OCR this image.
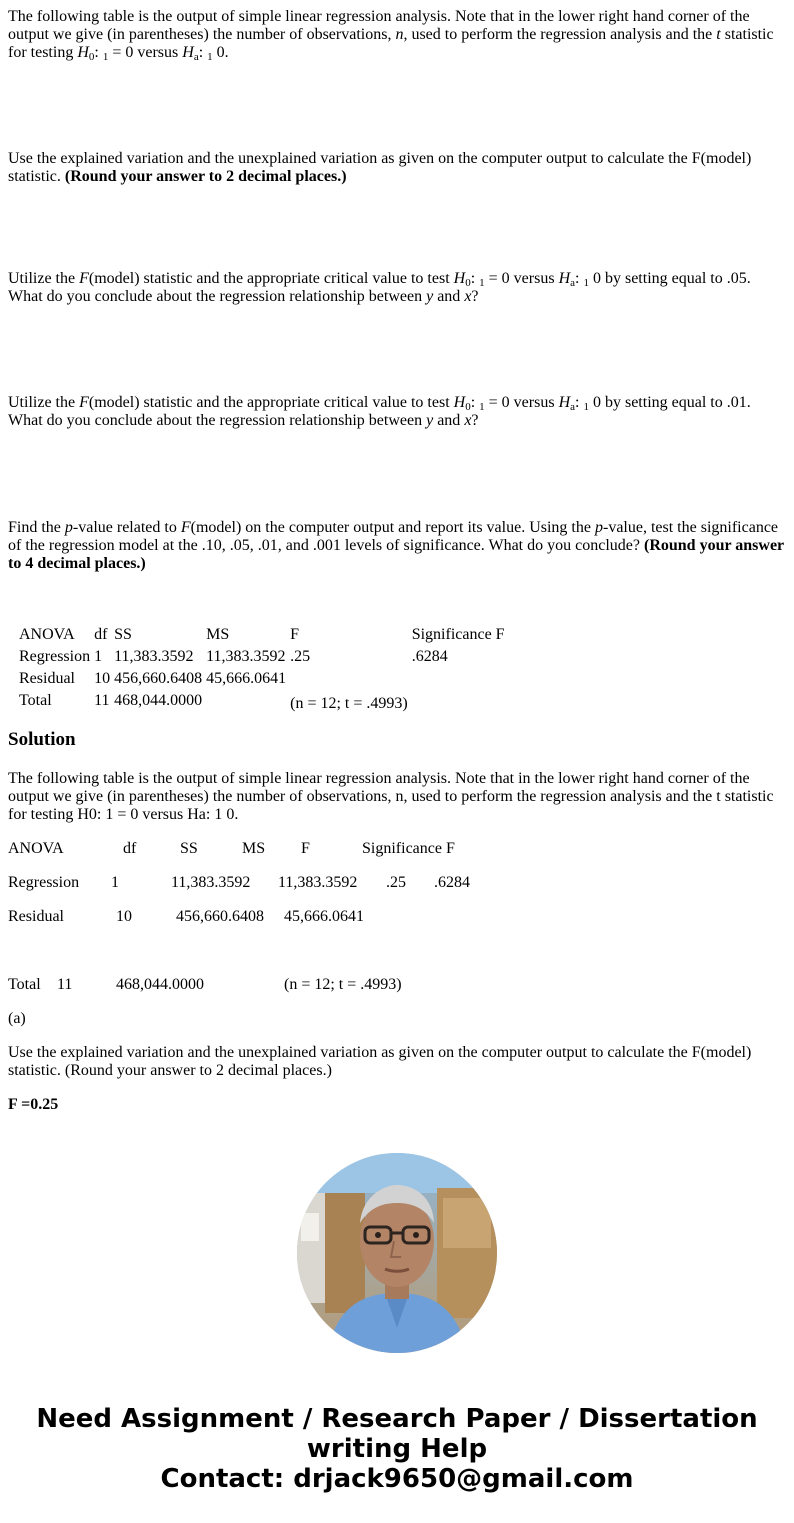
The following table is the output of simple linear regression analysis. Note that in the lower right hand corner of the output we give (in parentheses) the number of observations, n, used to perform the regression analysis and the t statistic for testing $H_0$: $_1$ = 0 versus $H_a$: $_1$ 0.

Use the explained variation and the unexplained variation as given on the computer output to calculate the F(model) statistic. (Round your answer to 2 decimal places.)

Utilize the F(model) statistic and the appropriate critical value to test $H_0$: $_1$ = 0 versus $H_a$: $_1$ 0 by setting equal to .05. What do you conclude about the regression relationship between y and x?

Utilize the F(model) statistic and the appropriate critical value to test $H_0$: $_1$ = 0 versus $H_a$: $_1$ 0 by setting equal to .01. What do you conclude about the regression relationship between y and x?

Find the p-value related to F(model) on the computer output and report its value. Using the p-value, test the significance of the regression model at the .10, .05, .01, and .001 levels of significance. What do you conclude? (Round your answer to 4 decimal places.)

ANOVA	df	SS	MS	F	Significance F
Regression	1	11,383.3592	11,383.3592	.25	.6284
Residual	10	456,660.6408	45,666.0641		
Total	11	468,044.0000		(n = 12; t = .4993)	
Solution

The following table is the output of simple linear regression analysis. Note that in the lower right hand corner of the output we give (in parentheses) the number of observations, n, used to perform the regression analysis and the t statistic for testing H0: 1 = 0 versus Ha: 1 0.

ANOVA	df	SS	MS F	Significance F
Regression 1	11,383.3592 11,383.3592 .25 .6284
Residual	10	456,660.6408 45,666.0641
Total 11	468,044.0000	(n = 12; t = .4993)
(a)

Use the explained variation and the unexplained variation as given on the computer output to calculate the F(model) statistic. (Round your answer to 2 decimal places.)

F =0.25
Need Assignment / Research Paper / Dissertation writing Help
Contact: drjack9650@gmail.com
